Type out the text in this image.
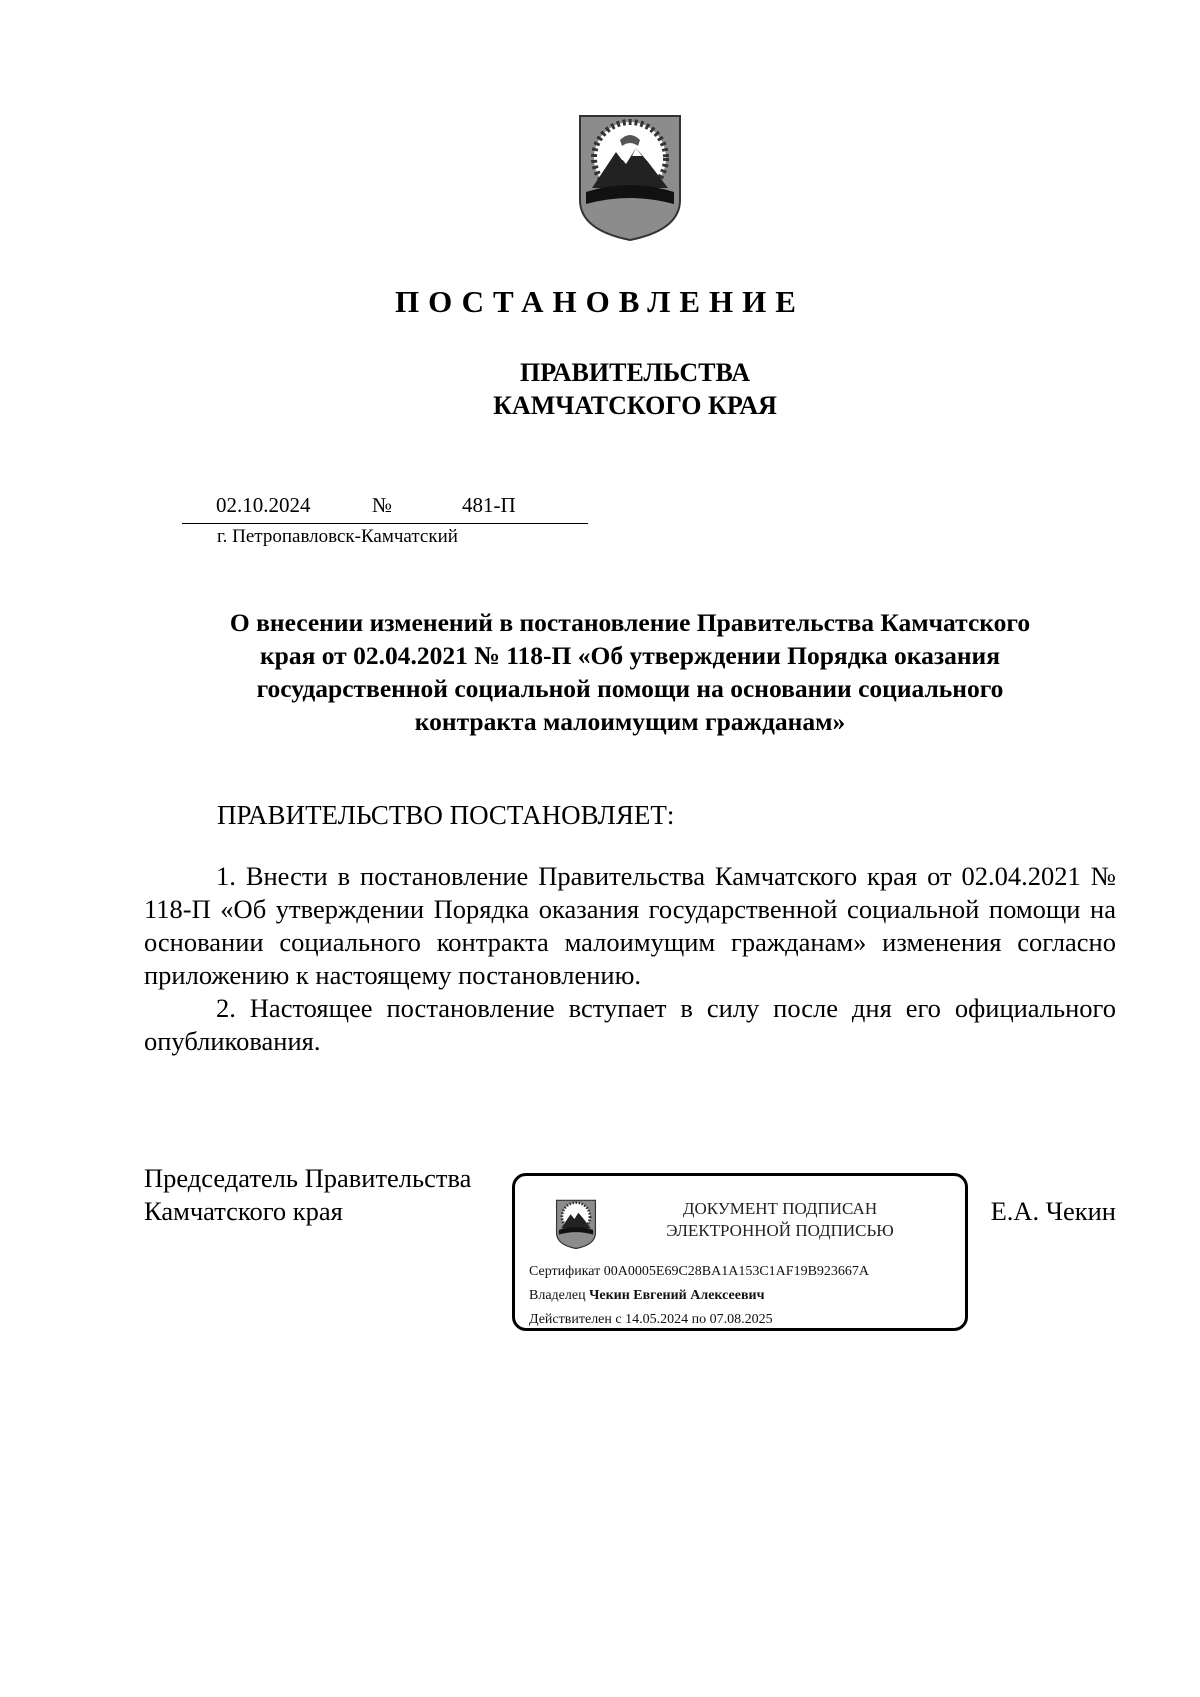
ПОСТАНОВЛЕНИЕ
ПРАВИТЕЛЬСТВА
КАМЧАТСКОГО КРАЯ
02.10.2024	№	481-П
г. Петропавловск-Камчатский
О внесении изменений в постановление Правительства Камчатского
края от 02.04.2021 № 118-П «Об утверждении Порядка оказания
государственной социальной помощи на основании социального
контракта малоимущим гражданам»
ПРАВИТЕЛЬСТВО ПОСТАНОВЛЯЕТ:

1. Внести в постановление Правительства Камчатского края от 02.04.2021 № 118-П «Об утверждении Порядка оказания государственной социальной помощи на основании социального контракта малоимущим гражданам» изменения согласно приложению к настоящему постановлению.

2. Настоящее постановление вступает в силу после дня его официального опубликования.

Председатель Правительства
Камчатского края	ДОКУМЕНТ ПОДПИСАН
ЭЛЕКТРОННОЙ ПОДПИСЬЮ
Сертификат 00A0005E69C28BA1A153C1AF19B923667A
Владелец Чекин Евгений Алексеевич
Действителен с 14.05.2024 по 07.08.2025
Е.А. Чекин
